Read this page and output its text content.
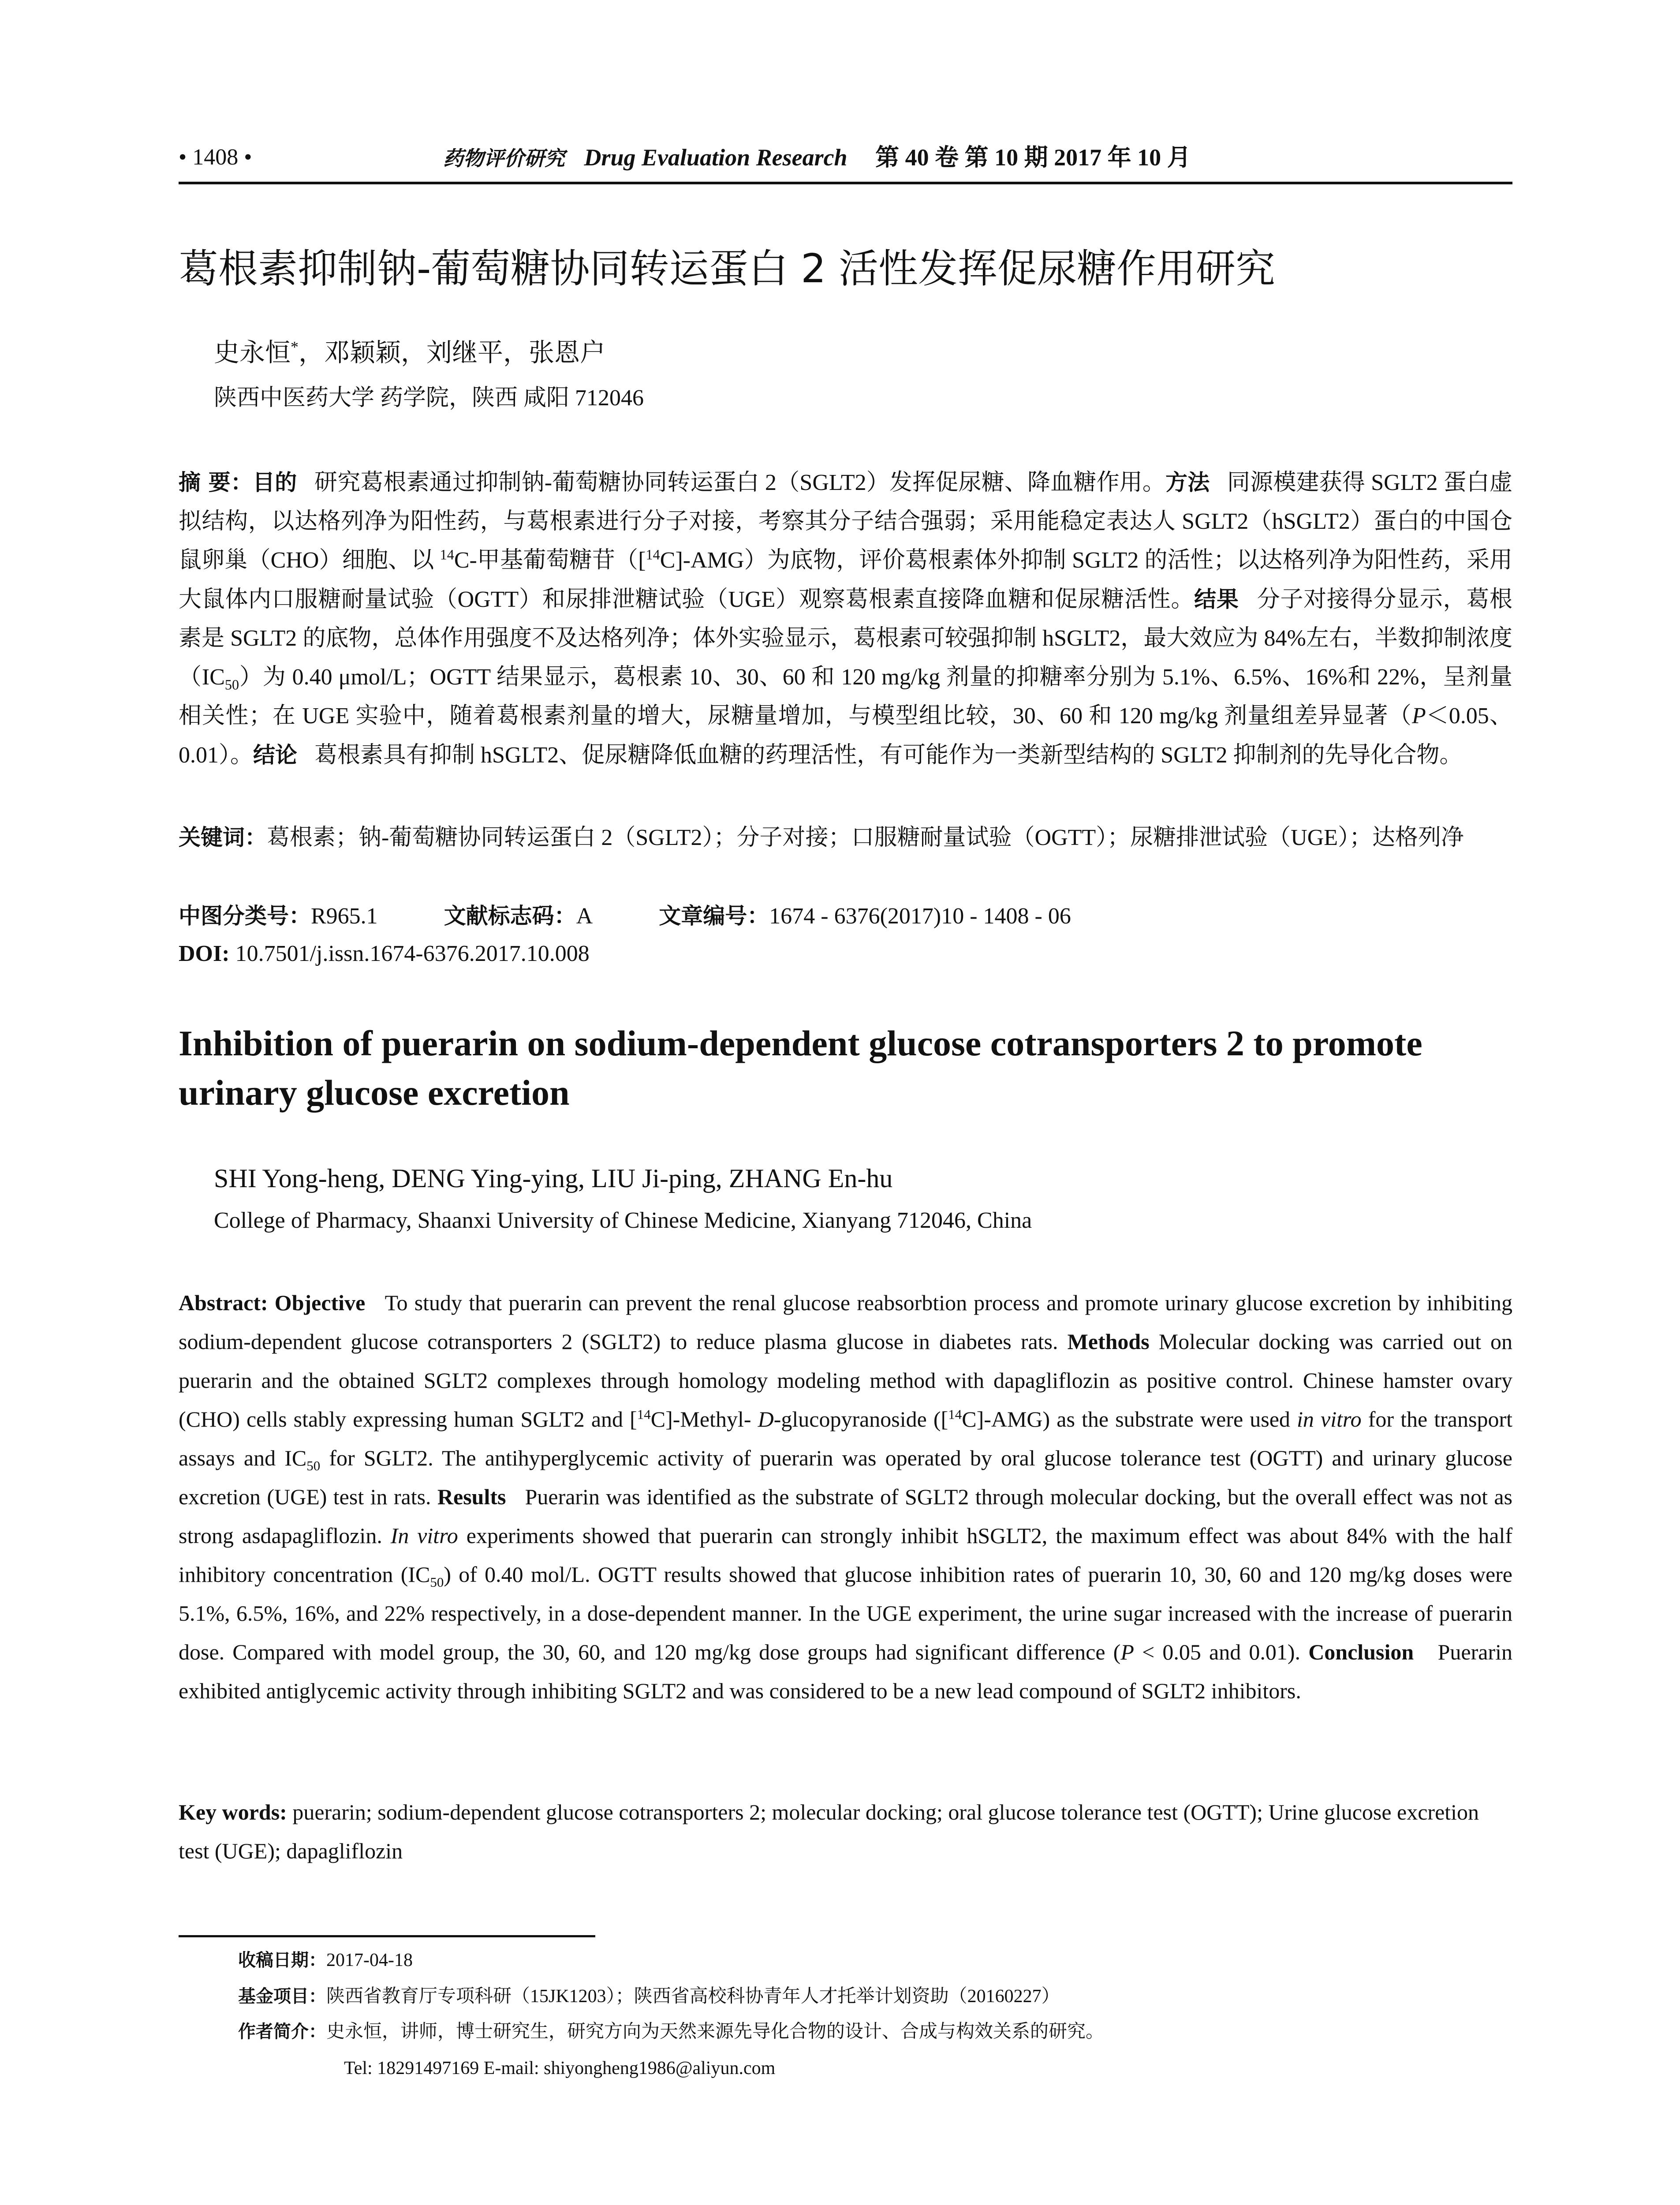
• 1408 •	药物评价研究 Drug Evaluation Research 第 40 卷 第 10 期 2017 年 10 月
葛根素抑制钠-葡萄糖协同转运蛋白 2 活性发挥促尿糖作用研究
史永恒*，邓颖颖，刘继平，张恩户
陕西中医药大学 药学院，陕西 咸阳 712046
摘 要：目的 研究葛根素通过抑制钠-葡萄糖协同转运蛋白 2（SGLT2）发挥促尿糖、降血糖作用。方法 同源模建获得 SGLT2 蛋白虚拟结构，以达格列净为阳性药，与葛根素进行分子对接，考察其分子结合强弱；采用能稳定表达人 SGLT2（hSGLT2）蛋白的中国仓鼠卵巢（CHO）细胞、以 $^{14}$C-甲基葡萄糖苷（[$^{14}$C]-AMG）为底物，评价葛根素体外抑制 SGLT2 的活性；以达格列净为阳性药，采用大鼠体内口服糖耐量试验（OGTT）和尿排泄糖试验（UGE）观察葛根素直接降血糖和促尿糖活性。结果 分子对接得分显示，葛根素是 SGLT2 的底物，总体作用强度不及达格列净；体外实验显示，葛根素可较强抑制 hSGLT2，最大效应为 84%左右，半数抑制浓度$(IC_{50})$为 0.40 μmol/L；OGTT 结果显示，葛根素 10、30、60 和 120 mg/kg 剂量的抑糖率分别为 5.1%、6.5%、16%和 22%，呈剂量相关性；在 UGE 实验中，随着葛根素剂量的增大，尿糖量增加，与模型组比较，30、60 和 120 mg/kg 剂量组差异显著（P＜0.05、0.01）。结论 葛根素具有抑制 hSGLT2、促尿糖降低血糖的药理活性，有可能作为一类新型结构的 SGLT2 抑制剂的先导化合物。
关键词：葛根素；钠-葡萄糖协同转运蛋白 2（SGLT2）；分子对接；口服糖耐量试验（OGTT）；尿糖排泄试验（UGE）；达格列净
中图分类号：R965.1	文献标志码：A	文章编号：1674 - 6376(2017)10 - 1408 - 06
DOI: 10.7501/j.issn.1674-6376.2017.10.008
Inhibition of puerarin on sodium-dependent glucose cotransporters 2 to promote urinary glucose excretion
SHI Yong-heng, DENG Ying-ying, LIU Ji-ping, ZHANG En-hu
College of Pharmacy, Shaanxi University of Chinese Medicine, Xianyang 712046, China
Abstract: Objective To study that puerarin can prevent the renal glucose reabsorbtion process and promote urinary glucose excretion by inhibiting sodium-dependent glucose cotransporters 2 (SGLT2) to reduce plasma glucose in diabetes rats. Methods Molecular docking was carried out on puerarin and the obtained SGLT2 complexes through homology modeling method with dapagliflozin as positive control. Chinese hamster ovary (CHO) cells stably expressing human SGLT2 and [$^{14}$C]-Methyl- D-glucopyranoside ([$^{14}$C]-AMG) as the substrate were used in vitro for the transport assays and $IC_{50}$ for SGLT2. The antihyperglycemic activity of puerarin was operated by oral glucose tolerance test (OGTT) and urinary glucose excretion (UGE) test in rats. Results Puerarin was identified as the substrate of SGLT2 through molecular docking, but the overall effect was not as strong asdapagliflozin. In vitro experiments showed that puerarin can strongly inhibit hSGLT2, the maximum effect was about 84% with the half inhibitory concentration $(IC_{50})$ of 0.40 mol/L. OGTT results showed that glucose inhibition rates of puerarin 10, 30, 60 and 120 mg/kg doses were 5.1%, 6.5%, 16%, and 22% respectively, in a dose-dependent manner. In the UGE experiment, the urine sugar increased with the increase of puerarin dose. Compared with model group, the 30, 60, and 120 mg/kg dose groups had significant difference (P < 0.05 and 0.01). Conclusion Puerarin exhibited antiglycemic activity through inhibiting SGLT2 and was considered to be a new lead compound of SGLT2 inhibitors.
Key words: puerarin; sodium-dependent glucose cotransporters 2; molecular docking; oral glucose tolerance test (OGTT); Urine glucose excretion test (UGE); dapagliflozin
收稿日期：2017-04-18
基金项目：陕西省教育厅专项科研（15JK1203）；陕西省高校科协青年人才托举计划资助（20160227）
作者简介：史永恒，讲师，博士研究生，研究方向为天然来源先导化合物的设计、合成与构效关系的研究。
Tel: 18291497169 E-mail: shiyongheng1986@aliyun.com
